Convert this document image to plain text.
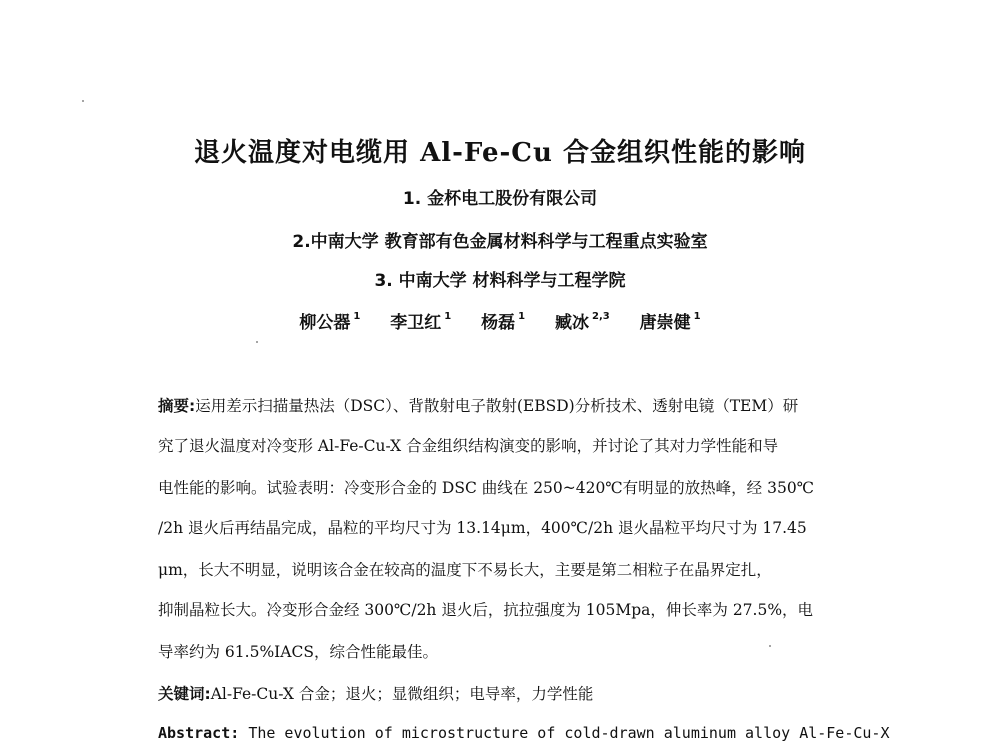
退火温度对电缆用 Al-Fe-Cu 合金组织性能的影响
1. 金杯电工股份有限公司
2.中南大学 教育部有色金属材料科学与工程重点实验室
3. 中南大学 材料科学与工程学院
柳公器 $^1$ 李卫红 $^1$ 杨磊 $^1$ 臧冰 $^{2,3}$ 唐崇健 $^1$
摘要:运用差示扫描量热法（DSC）、背散射电子散射(EBSD)分析技术、透射电镜（TEM）研
究了退火温度对冷变形 Al-Fe-Cu-X 合金组织结构演变的影响，并讨论了其对力学性能和导
电性能的影响。试验表明：冷变形合金的 DSC 曲线在 250~420℃有明显的放热峰，经 350℃
/2h 退火后再结晶完成，晶粒的平均尺寸为 13.14μm，400℃/2h 退火晶粒平均尺寸为 17.45
μm，长大不明显，说明该合金在较高的温度下不易长大，主要是第二相粒子在晶界定扎，
抑制晶粒长大。冷变形合金经 300℃/2h 退火后，抗拉强度为 105Mpa，伸长率为 27.5%，电
导率约为 61.5%IACS，综合性能最佳。
关键词:Al-Fe-Cu-X 合金；退火；显微组织；电导率，力学性能
Abstract: The evolution of microstructure of cold-drawn aluminum alloy Al-Fe-Cu-X
